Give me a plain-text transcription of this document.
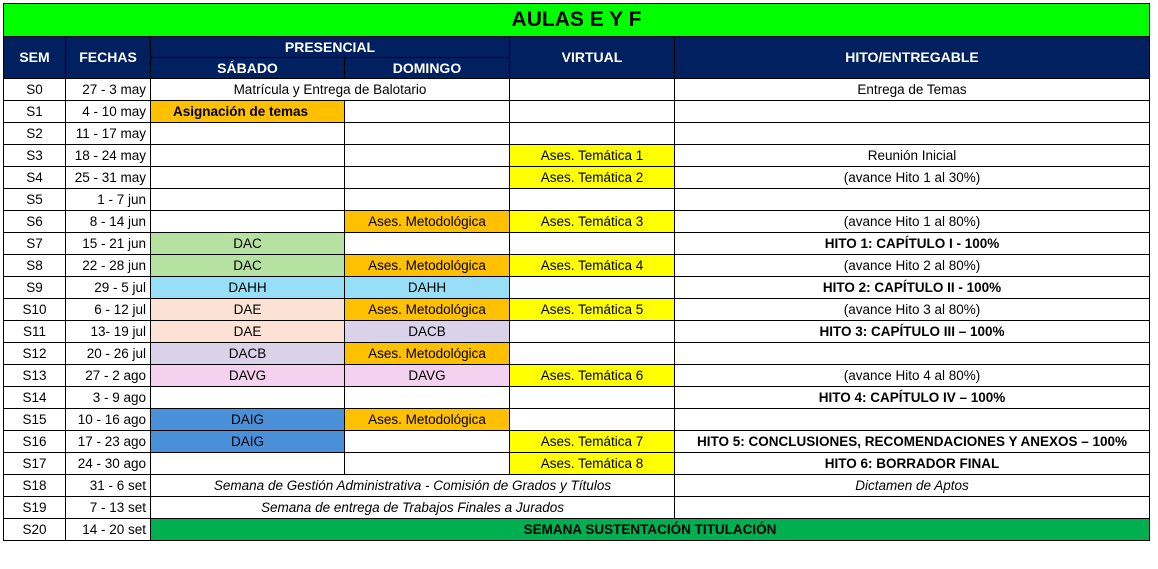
AULAS E Y F					
SEM	FECHAS	PRESENCIAL		VIRTUAL	HITO/ENTREGABLE
		SÁBADO	DOMINGO		
S0	27 - 3 may	Matrícula y Entrega de Balotario			Entrega de Temas
S1	4 - 10 may	Asignación de temas			
S2	11 - 17 may				
S3	18 - 24 may			Ases. Temática 1	Reunión Inicial
S4	25 - 31 may			Ases. Temática 2	(avance Hito 1 al 30%)
S5	1 - 7 jun				
S6	8 - 14 jun		Ases. Metodológica	Ases. Temática 3	(avance Hito 1 al 80%)
S7	15 - 21 jun	DAC			HITO 1: CAPÍTULO I - 100%
S8	22 - 28 jun	DAC	Ases. Metodológica	Ases. Temática 4	(avance Hito 2 al 80%)
S9	29 - 5 jul	DAHH	DAHH		HITO 2: CAPÍTULO II - 100%
S10	6 - 12 jul	DAE	Ases. Metodológica	Ases. Temática 5	(avance Hito 3 al 80%)
S11	13- 19 jul	DAE	DACB		HITO 3: CAPÍTULO III – 100%
S12	20 - 26 jul	DACB	Ases. Metodológica		
S13	27 - 2 ago	DAVG	DAVG	Ases. Temática 6	(avance Hito 4 al 80%)
S14	3 - 9 ago				HITO 4: CAPÍTULO IV – 100%
S15	10 - 16 ago	DAIG	Ases. Metodológica		
S16	17 - 23 ago	DAIG		Ases. Temática 7	HITO 5: CONCLUSIONES, RECOMENDACIONES Y ANEXOS – 100%
S17	24 - 30 ago			Ases. Temática 8	HITO 6: BORRADOR FINAL
S18	31 - 6 set	Semana de Gestión Administrativa - Comisión de Grados y Títulos			Dictamen de Aptos
S19	7 - 13 set	Semana de entrega de Trabajos Finales a Jurados			
S20	14 - 20 set	SEMANA SUSTENTACIÓN TITULACIÓN			
